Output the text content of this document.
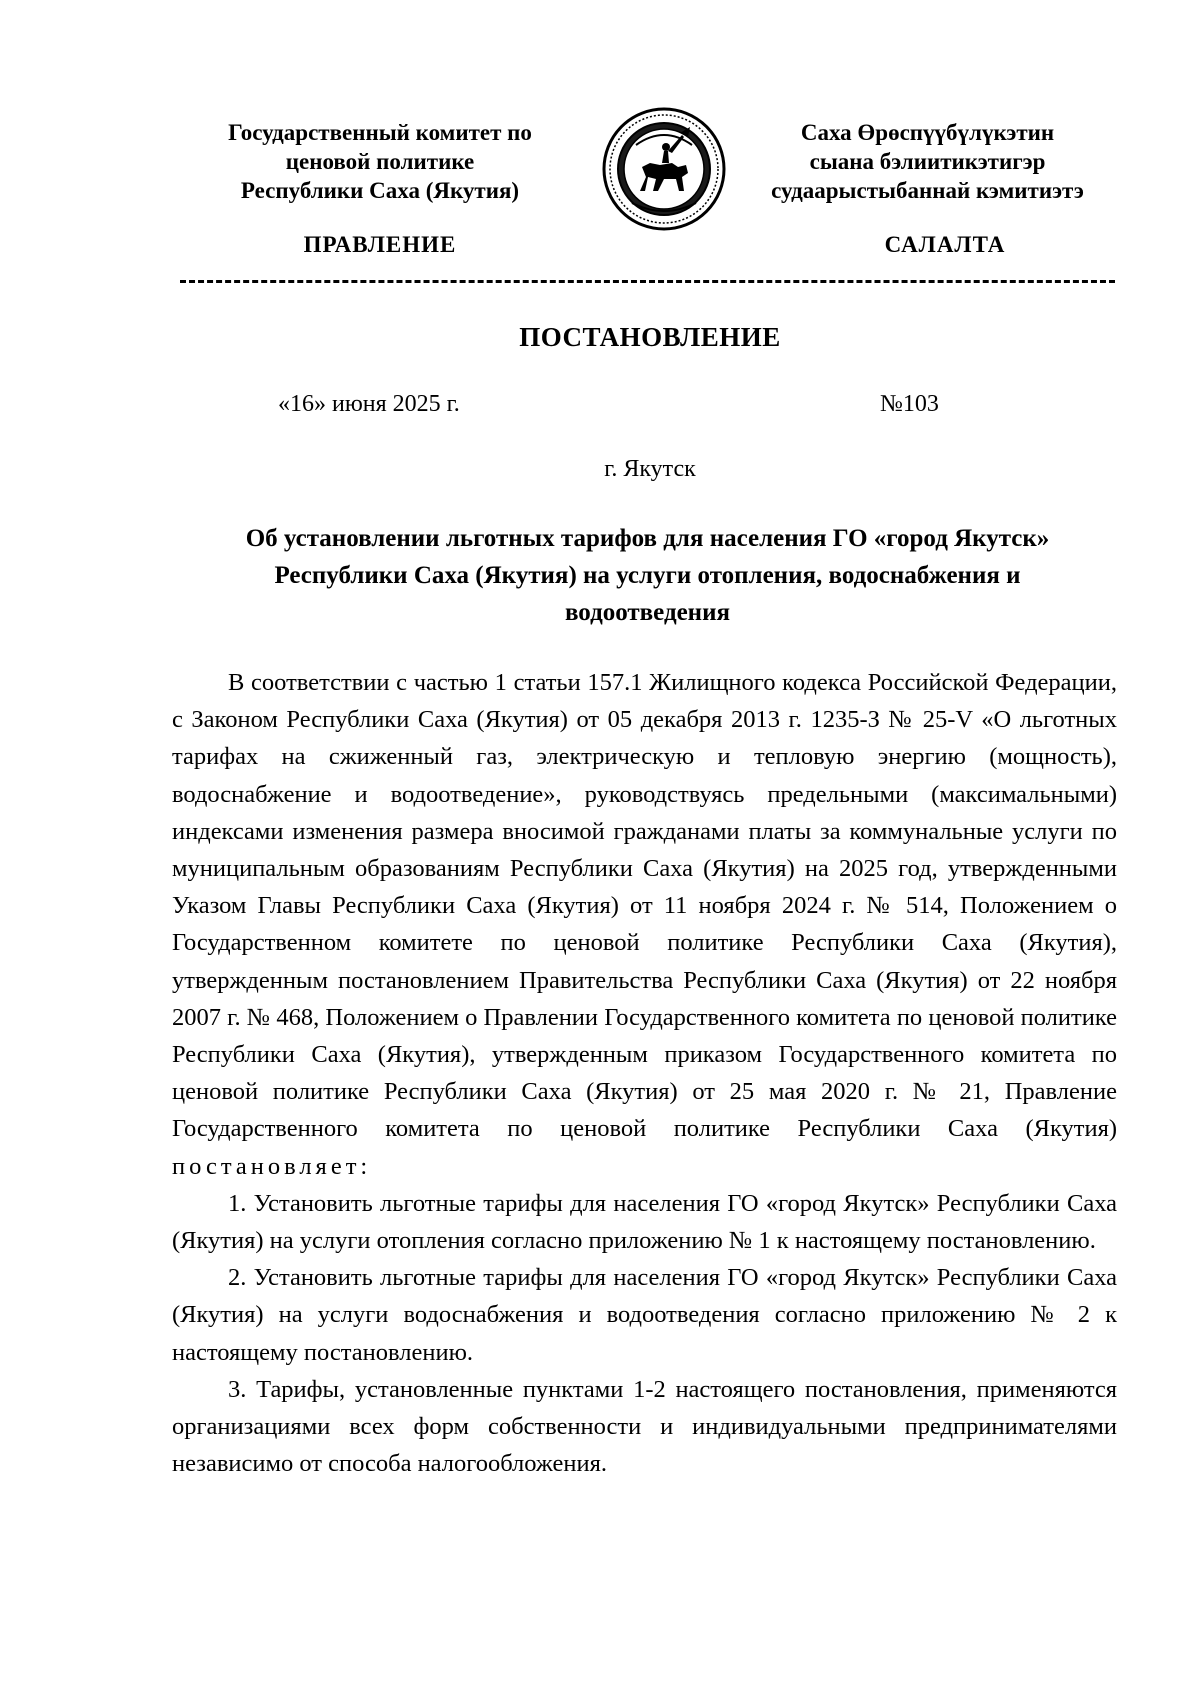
Государственный комитет по
ценовой политике
Республики Саха (Якутия)
Саха Өрөспүүбүлүкэтин
сыана бэлиитикэтигэр
судаарыстыбаннай кэмитиэтэ
ПРАВЛЕНИЕ	САЛАЛТА
ПОСТАНОВЛЕНИЕ
«16» июня 2025 г.	№103
г. Якутск
Об установлении льготных тарифов для населения ГО «город Якутск»
Республики Саха (Якутия) на услуги отопления, водоснабжения и
водоотведения

В соответствии с частью 1 статьи 157.1 Жилищного кодекса Российской Федерации, с Законом Республики Саха (Якутия) от 05 декабря 2013 г. 1235-З № 25-V «О льготных тарифах на сжиженный газ, электрическую и тепловую энергию (мощность), водоснабжение и водоотведение», руководствуясь предельными (максимальными) индексами изменения размера вносимой гражданами платы за коммунальные услуги по муниципальным образованиям Республики Саха (Якутия) на 2025 год, утвержденными Указом Главы Республики Саха (Якутия) от 11 ноября 2024 г. № 514, Положением о Государственном комитете по ценовой политике Республики Саха (Якутия), утвержденным постановлением Правительства Республики Саха (Якутия) от 22 ноября 2007 г. № 468, Положением о Правлении Государственного комитета по ценовой политике Республики Саха (Якутия), утвержденным приказом Государственного комитета по ценовой политике Республики Саха (Якутия) от 25 мая 2020 г. № 21, Правление Государственного комитета по ценовой политике Республики Саха (Якутия) постановляет:

1. Установить льготные тарифы для населения ГО «город Якутск» Республики Саха (Якутия) на услуги отопления согласно приложению № 1 к настоящему постановлению.

2. Установить льготные тарифы для населения ГО «город Якутск» Республики Саха (Якутия) на услуги водоснабжения и водоотведения согласно приложению № 2 к настоящему постановлению.

3. Тарифы, установленные пунктами 1-2 настоящего постановления, применяются организациями всех форм собственности и индивидуальными предпринимателями независимо от способа налогообложения.
